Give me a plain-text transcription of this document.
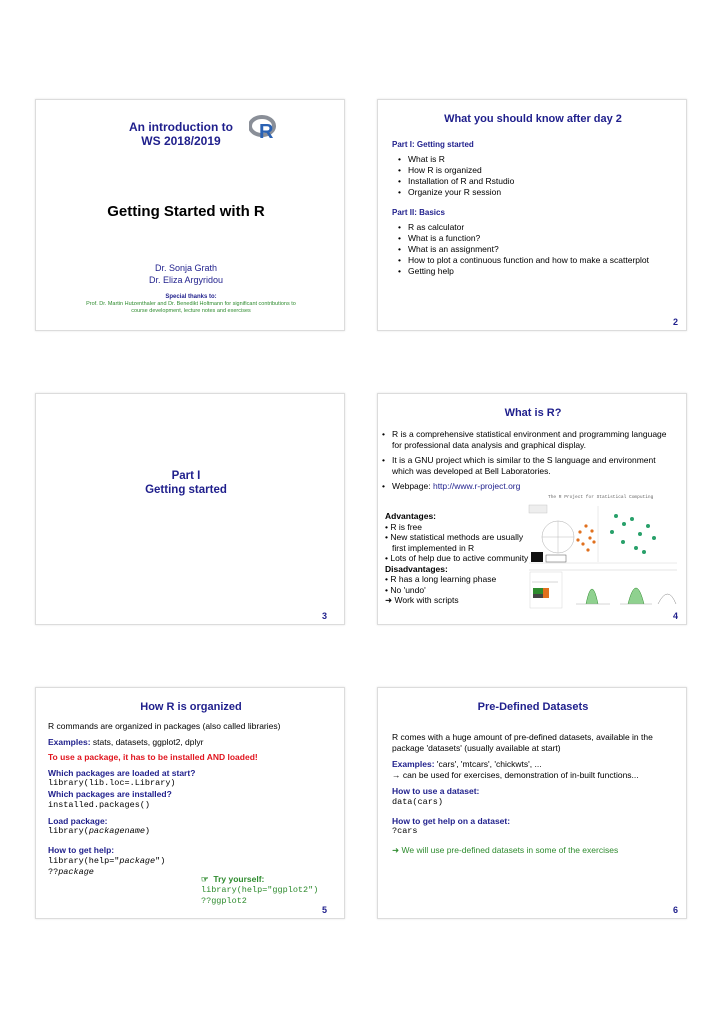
An introduction to
WS 2018/2019	R
Getting Started with R
Dr. Sonja Grath
Dr. Eliza Argyridou
Special thanks to:
Prof. Dr. Martin Hutzenthaler and Dr. Benedikt Holtmann for significant contributions to
course development, lecture notes and exercises
What you should know after day 2
Part I: Getting started
• What is R
• How R is organized
• Installation of R and Rstudio
• Organize your R session
Part II: Basics
• R as calculator
• What is a function?
• What is an assignment?
• How to plot a continuous function and how to make a scatterplot
• Getting help
2
Part I
Getting started
3
What is R?
• R is a comprehensive statistical environment and programming language for professional data analysis and graphical display.
• It is a GNU project which is similar to the S language and environment which was developed at Bell Laboratories.
• Webpage: http://www.r-project.org
The R Project for Statistical Computing
Advantages:
• R is free
• New statistical methods are usually first implemented in R
• Lots of help due to active community
Disadvantages:
• R has a long learning phase
• No 'undo'
➜ Work with scripts
4
How R is organized
R commands are organized in packages (also called libraries)
Examples: stats, datasets, ggplot2, dplyr
To use a package, it has to be installed AND loaded!
Which packages are loaded at start?
library(lib.loc=.Library)
Which packages are installed?
installed.packages()
Load package:
library(packagename)
How to get help:
library(help="package")
??package
☞ Try yourself:
library(help="ggplot2")
??ggplot2
5
Pre-Defined Datasets
R comes with a huge amount of pre-defined datasets, available in the package 'datasets' (usually available at start)
Examples: 'cars', 'mtcars', 'chickwts', ...
→ can be used for exercises, demonstration of in-built functions...
How to use a dataset:
data(cars)
How to get help on a dataset:
?cars
➜ We will use pre-defined datasets in some of the exercises
6
